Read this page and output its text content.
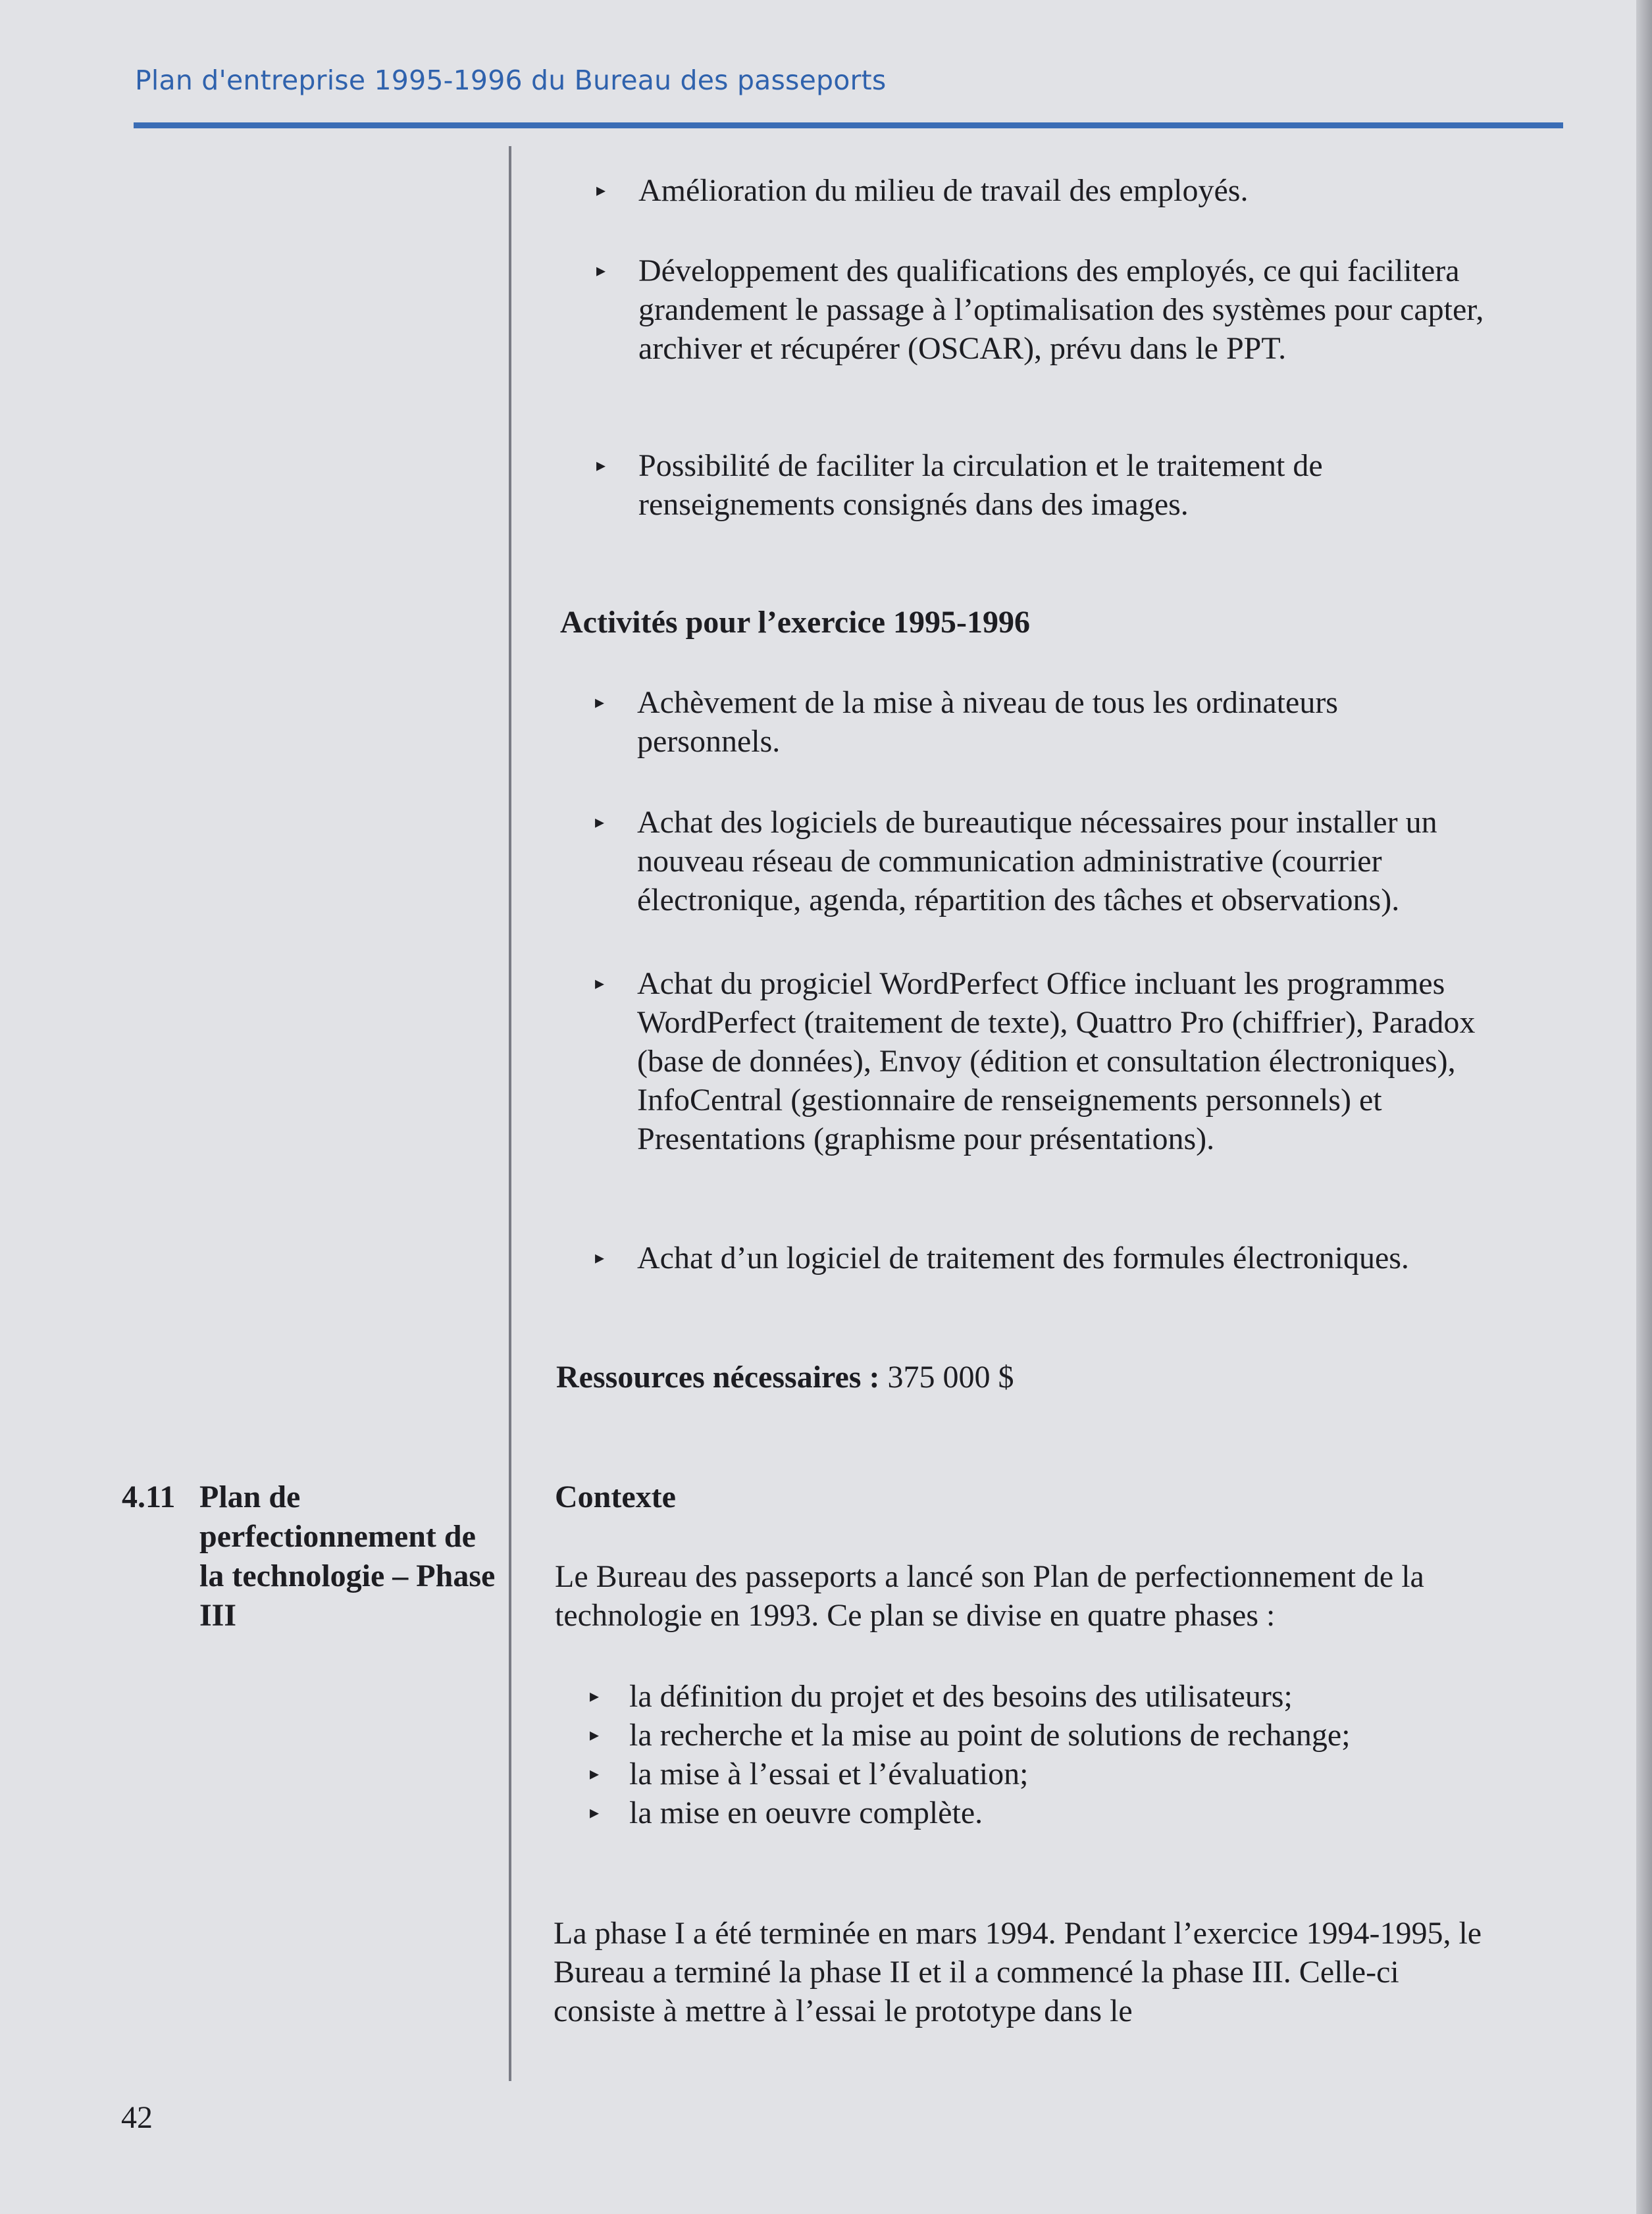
Plan d'entreprise 1995-1996 du Bureau des passeports
▸ Amélioration du milieu de travail des employés.
▸ Développement des qualifications des employés, ce qui facilitera grandement le passage à l’optimalisation des systèmes pour capter, archiver et récupérer (OSCAR), prévu dans le PPT.
▸ Possibilité de faciliter la circulation et le traitement de renseignements consignés dans des images.
Activités pour l’exercice 1995-1996
▸ Achèvement de la mise à niveau de tous les ordinateurs personnels.
▸ Achat des logiciels de bureautique nécessaires pour installer un nouveau réseau de communication administrative (courrier électronique, agenda, répartition des tâches et observations).
▸ Achat du progiciel WordPerfect Office incluant les programmes WordPerfect (traitement de texte), Quattro Pro (chiffrier), Paradox (base de données), Envoy (édition et consultation électroniques), InfoCentral (gestionnaire de renseignements personnels) et Presentations (graphisme pour présentations).
▸ Achat d’un logiciel de traitement des formules électroniques.
Ressources nécessaires : 375 000 $
4.11 Plan de perfectionnement de la technologie – Phase III
Contexte
Le Bureau des passeports a lancé son Plan de perfectionnement de la technologie en 1993. Ce plan se divise en quatre phases :
▸ la définition du projet et des besoins des utilisateurs;
▸ la recherche et la mise au point de solutions de rechange;
▸ la mise à l’essai et l’évaluation;
▸ la mise en oeuvre complète.
La phase I a été terminée en mars 1994. Pendant l’exercice 1994-1995, le Bureau a terminé la phase II et il a commencé la phase III. Celle-ci consiste à mettre à l’essai le prototype dans le
42
